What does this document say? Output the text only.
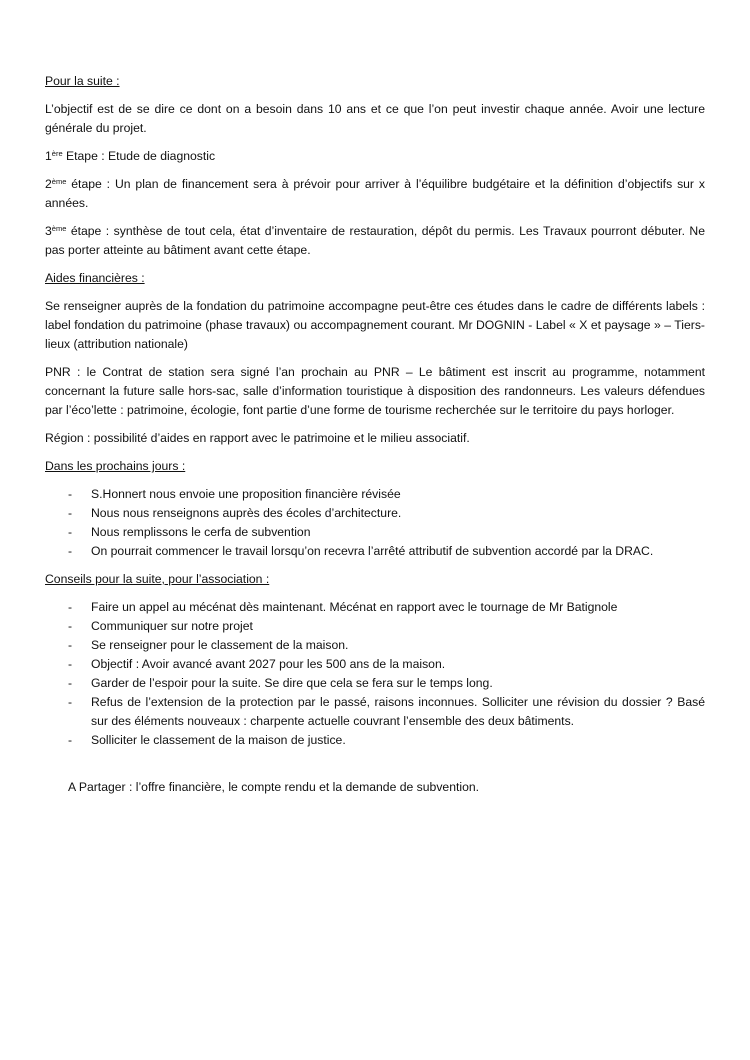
Pour la suite :

L’objectif est de se dire ce dont on a besoin dans 10 ans et ce que l’on peut investir chaque année. Avoir une lecture générale du projet.

1ère Etape : Etude de diagnostic

2ème étape : Un plan de financement sera à prévoir pour arriver à l’équilibre budgétaire et la définition d’objectifs sur x années.

3ème étape : synthèse de tout cela, état d’inventaire de restauration, dépôt du permis. Les Travaux pourront débuter. Ne pas porter atteinte au bâtiment avant cette étape.

Aides financières :

Se renseigner auprès de la fondation du patrimoine accompagne peut-être ces études dans le cadre de différents labels : label fondation du patrimoine (phase travaux) ou accompagnement courant. Mr DOGNIN - Label « X et paysage » – Tiers-lieux (attribution nationale)

PNR : le Contrat de station sera signé l’an prochain au PNR – Le bâtiment est inscrit au programme, notamment concernant la future salle hors-sac, salle d’information touristique à disposition des randonneurs. Les valeurs défendues par l’éco’lette : patrimoine, écologie, font partie d’une forme de tourisme recherchée sur le territoire du pays horloger.

Région : possibilité d’aides en rapport avec le patrimoine et le milieu associatif.

Dans les prochains jours :

- S.Honnert nous envoie une proposition financière révisée
- Nous nous renseignons auprès des écoles d’architecture.
- Nous remplissons le cerfa de subvention
- On pourrait commencer le travail lorsqu’on recevra l’arrêté attributif de subvention accordé par la DRAC.

Conseils pour la suite, pour l’association :

- Faire un appel au mécénat dès maintenant. Mécénat en rapport avec le tournage de Mr Batignole
- Communiquer sur notre projet
- Se renseigner pour le classement de la maison.
- Objectif : Avoir avancé avant 2027 pour les 500 ans de la maison.
- Garder de l’espoir pour la suite. Se dire que cela se fera sur le temps long.
- Refus de l’extension de la protection par le passé, raisons inconnues. Solliciter une révision du dossier ? Basé sur des éléments nouveaux : charpente actuelle couvrant l’ensemble des deux bâtiments.
- Solliciter le classement de la maison de justice.

A Partager : l’offre financière, le compte rendu et la demande de subvention.
